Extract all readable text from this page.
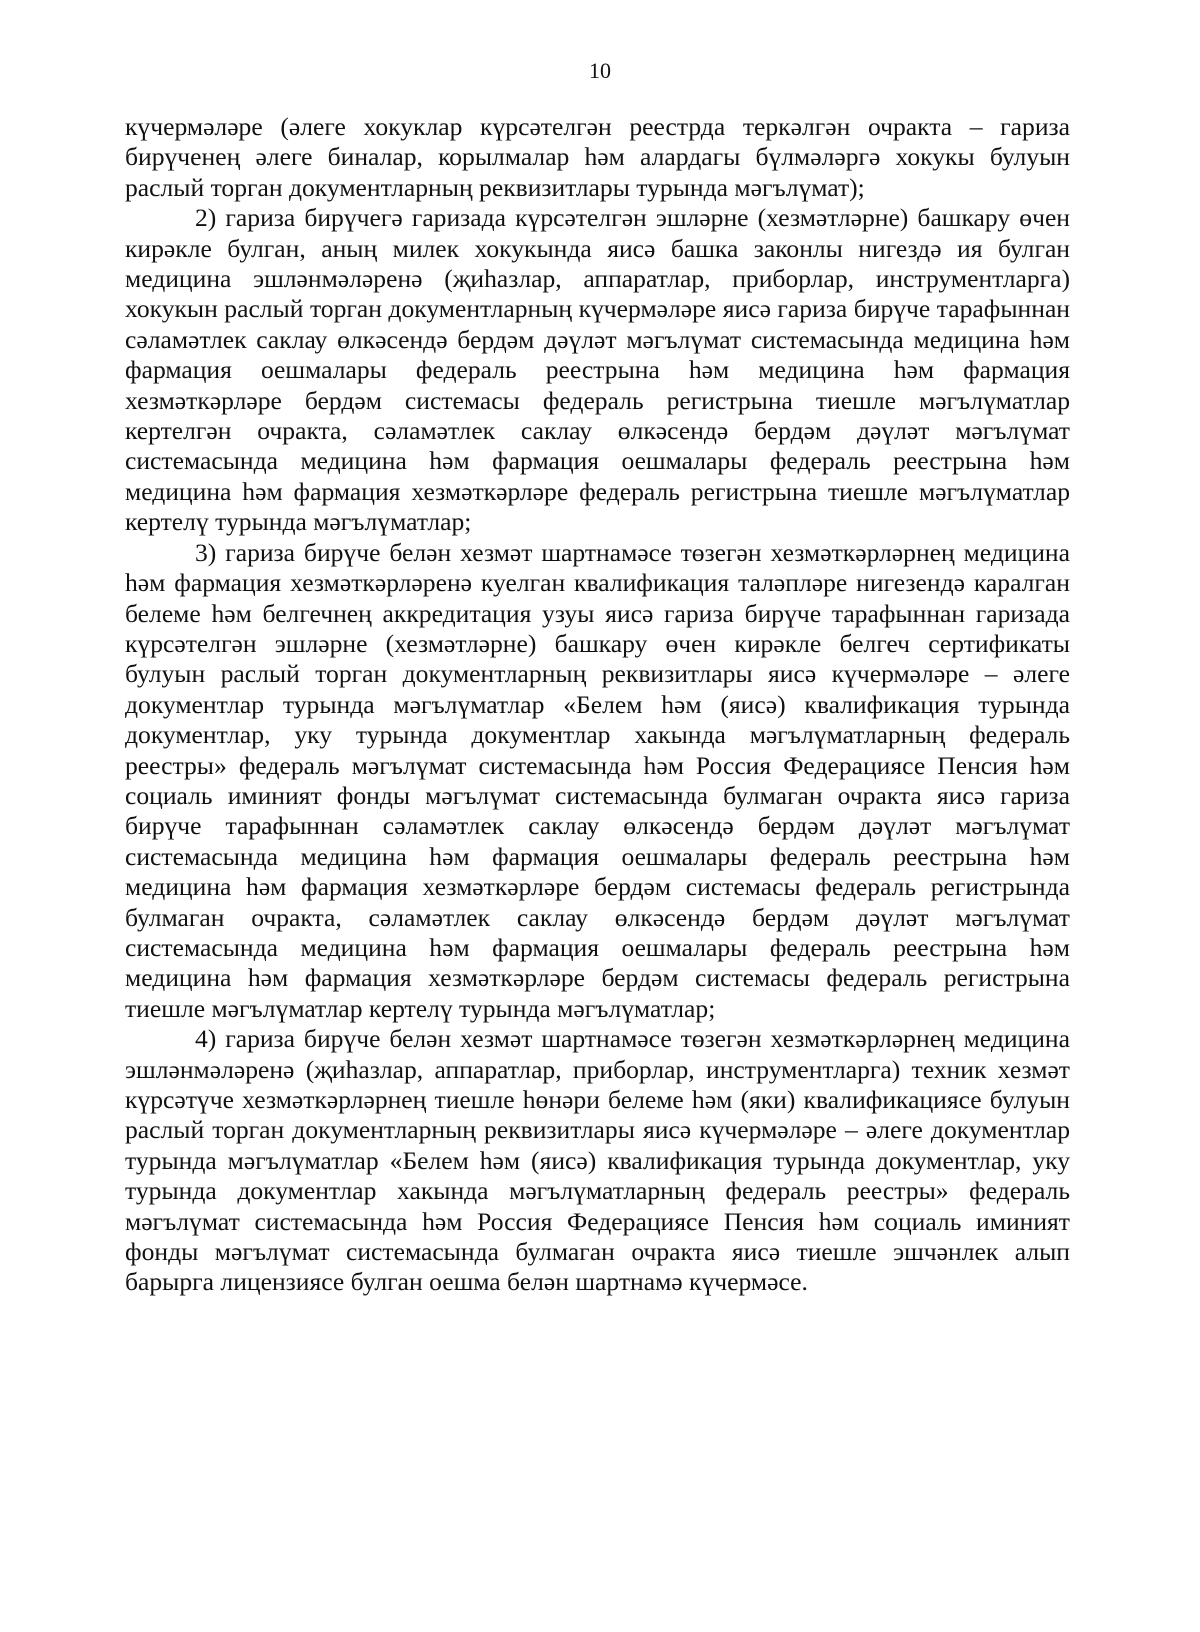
10

күчермәләре (әлеге хокуклар күрсәтелгән реестрда теркәлгән очракта – гариза бирүченең әлеге биналар, корылмалар һәм алардагы бүлмәләргә хокукы булуын раслый торган документларның реквизитлары турында мәгълүмат);

2) гариза бирүчегә гаризада күрсәтелгән эшләрне (хезмәтләрне) башкару өчен кирәкле булган, аның милек хокукында яисә башка законлы нигездә ия булган медицина эшләнмәләренә (җиһазлар, аппаратлар, приборлар, инструментларга) хокукын раслый торган документларның күчермәләре яисә гариза бирүче тарафыннан сәламәтлек саклау өлкәсендә бердәм дәүләт мәгълүмат системасында медицина һәм фармация оешмалары федераль реестрына һәм медицина һәм фармация хезмәткәрләре бердәм системасы федераль регистрына тиешле мәгълүматлар кертелгән очракта, сәламәтлек саклау өлкәсендә бердәм дәүләт мәгълүмат системасында медицина һәм фармация оешмалары федераль реестрына һәм медицина һәм фармация хезмәткәрләре федераль регистрына тиешле мәгълүматлар кертелү турында мәгълүматлар;

3) гариза бирүче белән хезмәт шартнамәсе төзегән хезмәткәрләрнең медицина һәм фармация хезмәткәрләренә куелган квалификация таләпләре нигезендә каралган белеме һәм белгечнең аккредитация узуы яисә гариза бирүче тарафыннан гаризада күрсәтелгән эшләрне (хезмәтләрне) башкару өчен кирәкле белгеч сертификаты булуын раслый торган документларның реквизитлары яисә күчермәләре – әлеге документлар турында мәгълүматлар «Белем һәм (яисә) квалификация турында документлар, уку турында документлар хакында мәгълүматларның федераль реестры» федераль мәгълүмат системасында һәм Россия Федерациясе Пенсия һәм социаль иминият фонды мәгълүмат системасында булмаган очракта яисә гариза бирүче тарафыннан сәламәтлек саклау өлкәсендә бердәм дәүләт мәгълүмат системасында медицина һәм фармация оешмалары федераль реестрына һәм медицина һәм фармация хезмәткәрләре бердәм системасы федераль регистрында булмаган очракта, сәламәтлек саклау өлкәсендә бердәм дәүләт мәгълүмат системасында медицина һәм фармация оешмалары федераль реестрына һәм медицина һәм фармация хезмәткәрләре бердәм системасы федераль регистрына тиешле мәгълүматлар кертелү турында мәгълүматлар;

4) гариза бирүче белән хезмәт шартнамәсе төзегән хезмәткәрләрнең медицина эшләнмәләренә (җиһазлар, аппаратлар, приборлар, инструментларга) техник хезмәт күрсәтүче хезмәткәрләрнең тиешле һөнәри белеме һәм (яки) квалификациясе булуын раслый торган документларның реквизитлары яисә күчермәләре – әлеге документлар турында мәгълүматлар «Белем һәм (яисә) квалификация турында документлар, уку турында документлар хакында мәгълүматларның федераль реестры» федераль мәгълүмат системасында һәм Россия Федерациясе Пенсия һәм социаль иминият фонды мәгълүмат системасында булмаган очракта яисә тиешле эшчәнлек алып барырга лицензиясе булган оешма белән шартнамә күчермәсе.
